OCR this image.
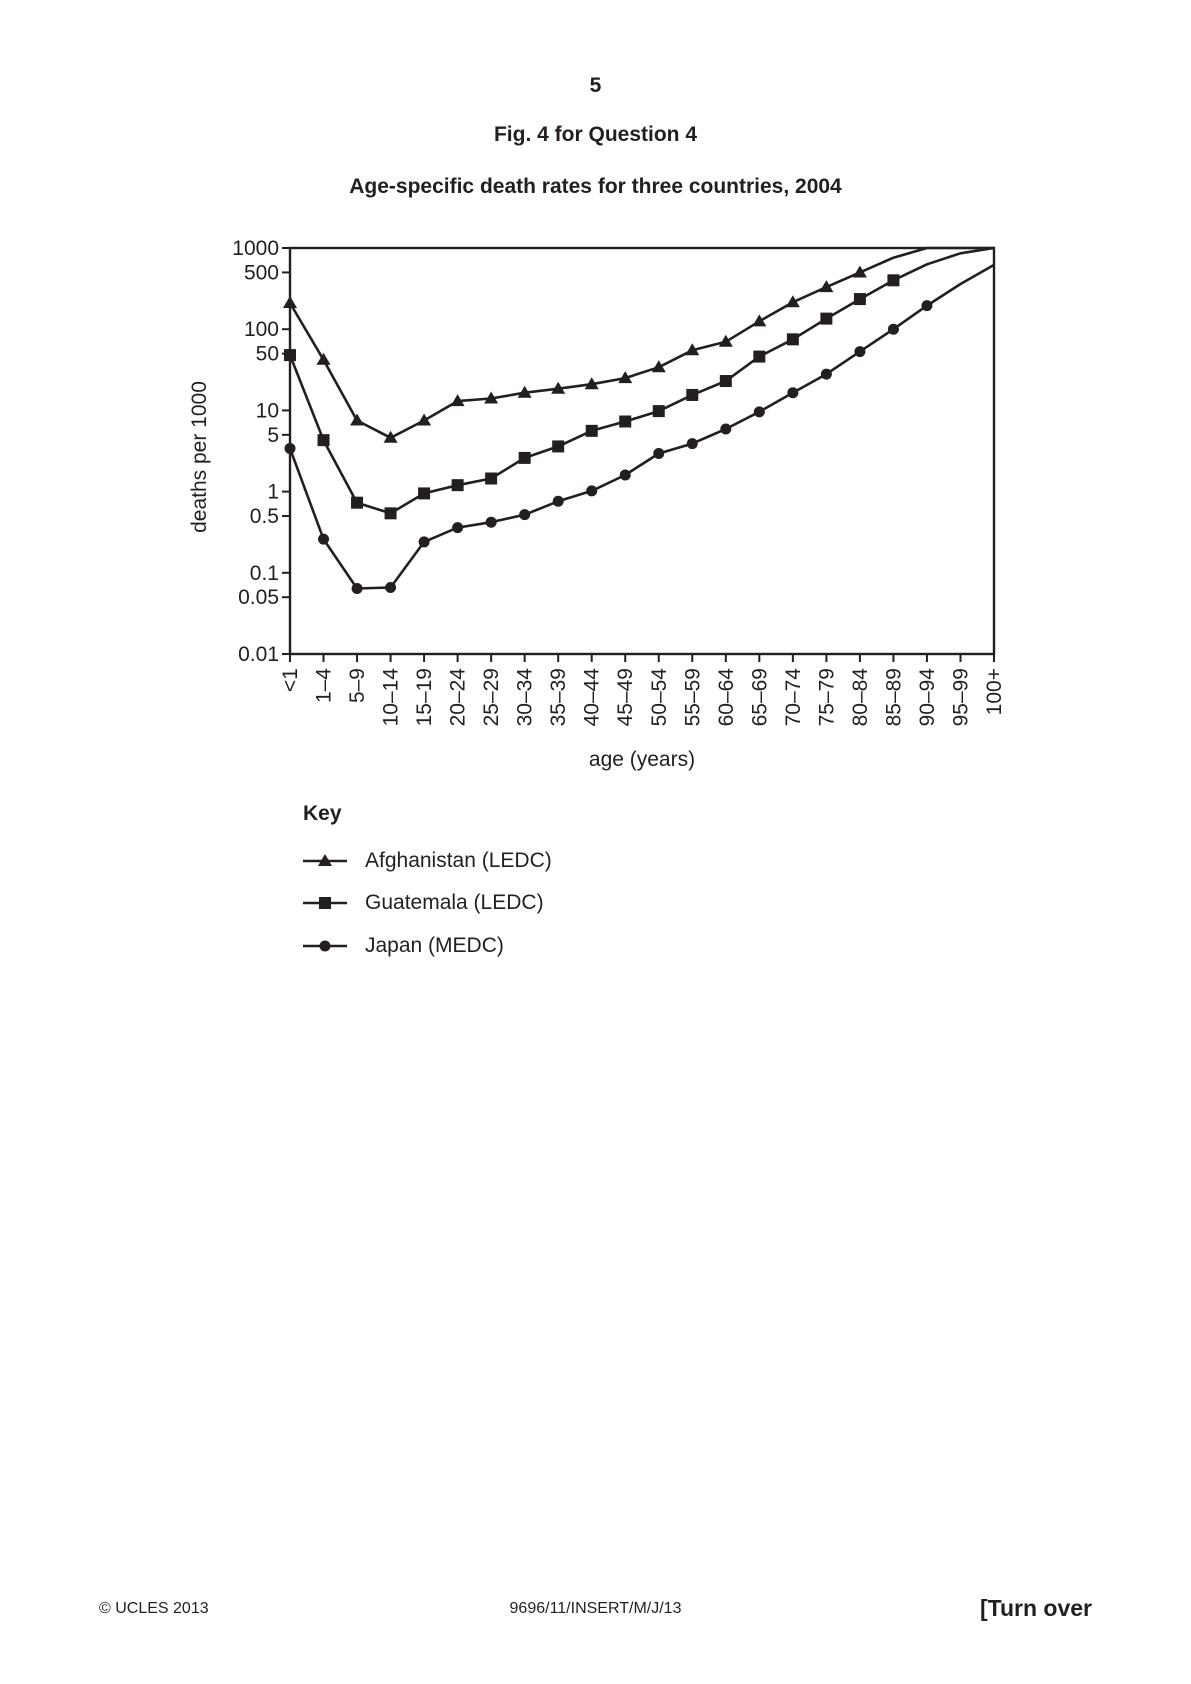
5
Fig. 4 for Question 4
Age-specific death rates for three countries, 2004
1000
500
100
50
10
5
1
0.5
0.1
0.05
0.01
<1 1–4 5–9 10–14 15–19 20–24 25–29 30–34 35–39 40–44 45–49 50–54 55–59 60–64 65–69 70–74 75–79 80–84 85–89 90–94 95–99 100+
deaths per 1000
age (years)
Key
Afghanistan (LEDC)
Guatemala (LEDC)
Japan (MEDC)
© UCLES 2013	9696/11/INSERT/M/J/13	[Turn over
